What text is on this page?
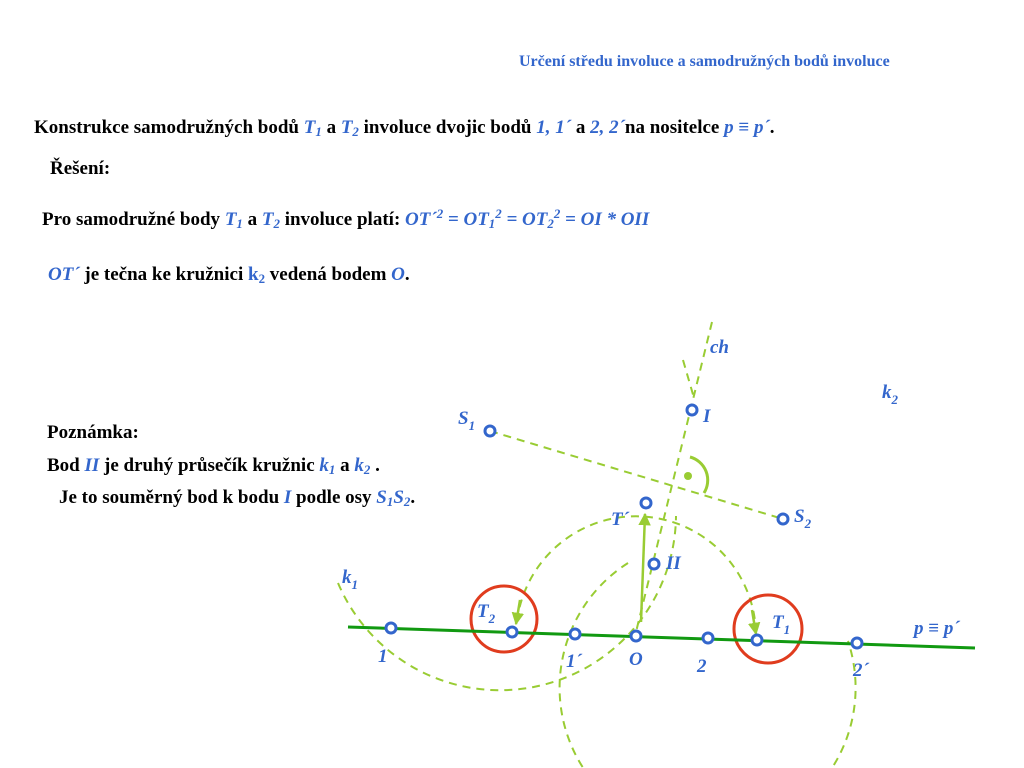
Určení středu involuce a samodružných bodů involuce
Konstrukce samodružných bodů $T_1$ a $T_2$ involuce dvojic bodů 1, 1´ a 2, 2´na nositelce p ≡ p´.
Řešení:
Pro samodružné body $T_1$ a $T_2$ involuce platí: OT´$^2$ = $OT_1^2 = OT_2^2$ = OI * OII
OT´ je tečna ke kružnici $k_2$ vedená bodem O.
Poznámka:
Bod II je druhý průsečík kružnic $k_1$ a $k_2$ .
Je to souměrný bod k bodu I podle osy $S_1S_2$.
ch
$k_2$
$S_1$	I
$S_2$
T´
II
$k_1$
$T_2$	$T_1$	p ≡ p´
1	1´ O	2	2´
